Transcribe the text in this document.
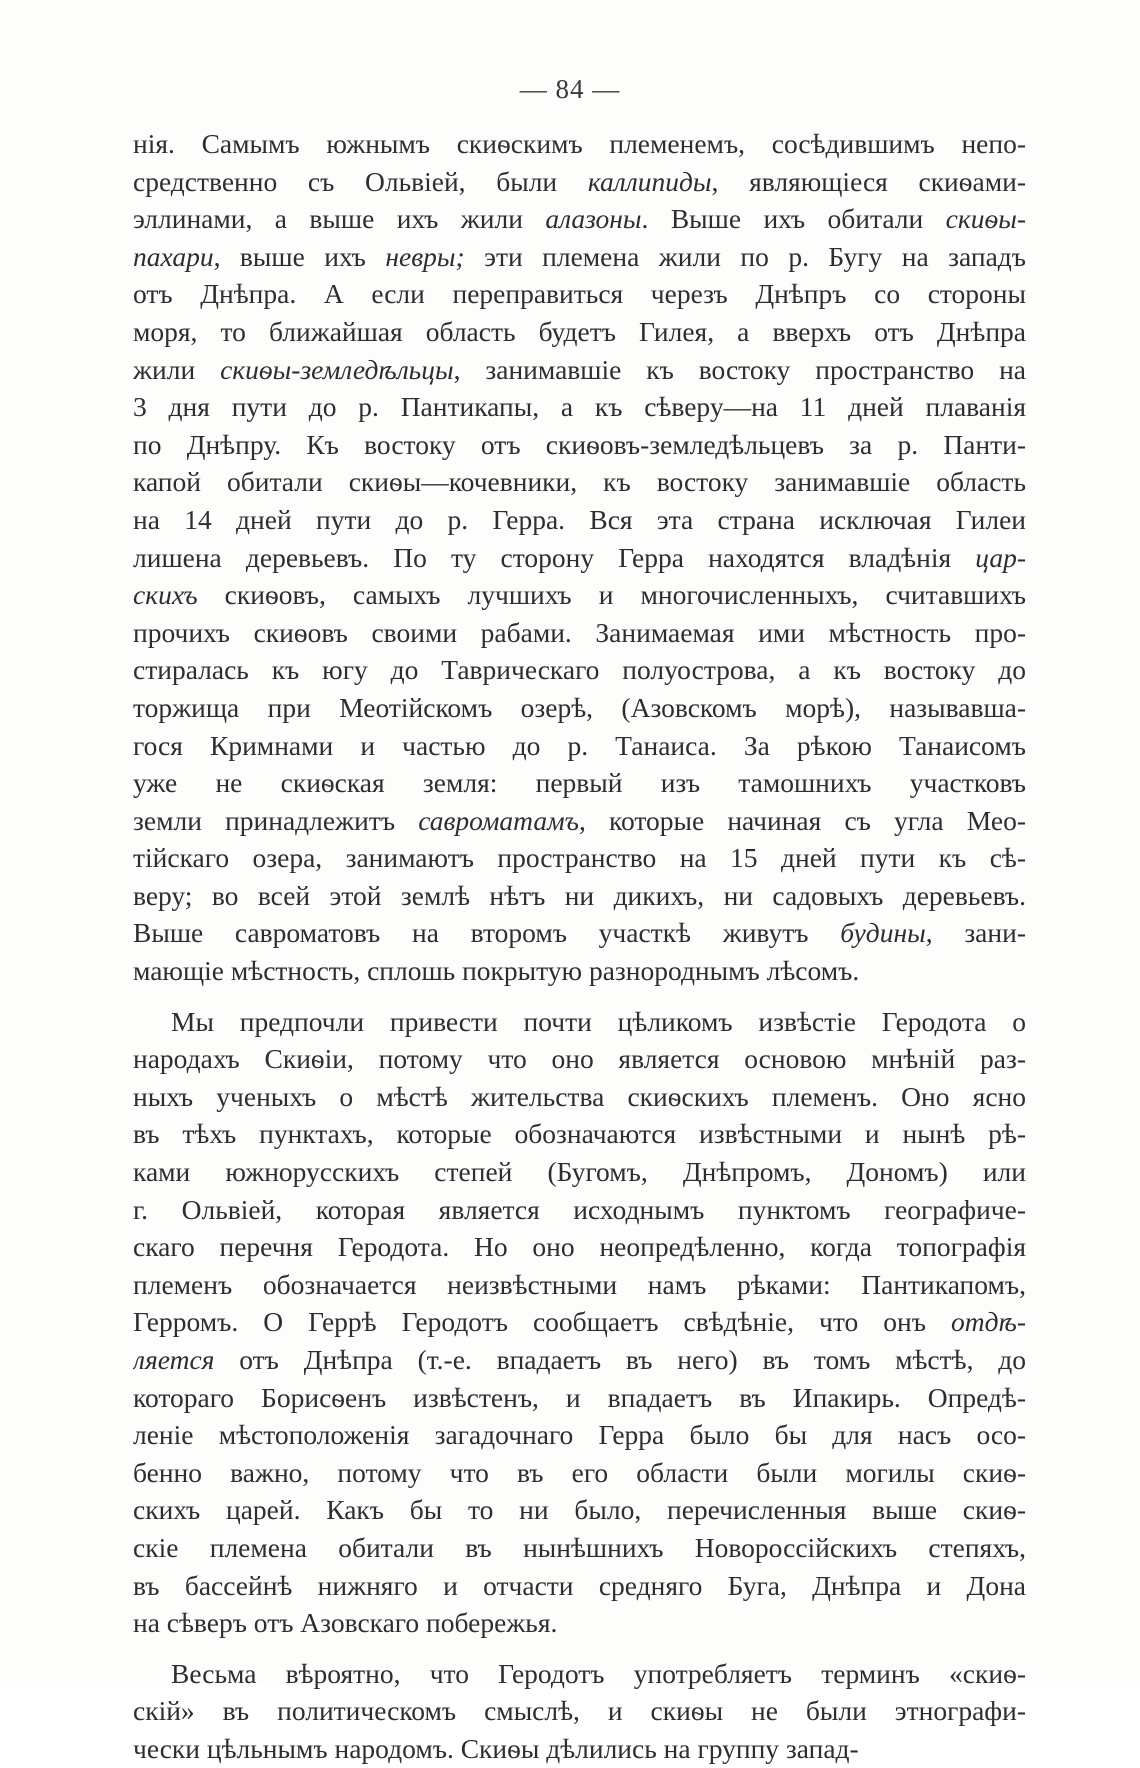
— 84 —
нія. Самымъ южнымъ скиѳскимъ племенемъ, сосѣдившимъ непо-
средственно съ Ольвіей, были каллипиды, являющіеся скиѳами-
эллинами, а выше ихъ жили алазоны. Выше ихъ обитали скиѳы-
пахари, выше ихъ невры; эти племена жили по р. Бугу на западъ
отъ Днѣпра. А если переправиться черезъ Днѣпръ со стороны
моря, то ближайшая область будетъ Гилея, а вверхъ отъ Днѣпра
жили скиѳы-земледѣльцы, занимавшіе къ востоку пространство на
3 дня пути до р. Пантикапы, а къ сѣверу—на 11 дней плаванія
по Днѣпру. Къ востоку отъ скиѳовъ-земледѣльцевъ за р. Панти-
капой обитали скиѳы—кочевники, къ востоку занимавшіе область
на 14 дней пути до р. Герра. Вся эта страна исключая Гилеи
лишена деревьевъ. По ту сторону Герра находятся владѣнія цар-
скихъ скиѳовъ, самыхъ лучшихъ и многочисленныхъ, считавшихъ
прочихъ скиѳовъ своими рабами. Занимаемая ими мѣстность про-
стиралась къ югу до Таврическаго полуострова, а къ востоку до
торжища при Меотійскомъ озерѣ, (Азовскомъ морѣ), называвша-
гося Кримнами и частью до р. Танаиса. За рѣкою Танаисомъ
уже не скиѳская земля: первый изъ тамошнихъ участковъ
земли принадлежитъ савроматамъ, которые начиная съ угла Мео-
тійскаго озера, занимаютъ пространство на 15 дней пути къ сѣ-
веру; во всей этой землѣ нѣтъ ни дикихъ, ни садовыхъ деревьевъ.
Выше савроматовъ на второмъ участкѣ живутъ будины, зани-
мающіе мѣстность, сплошь покрытую разнороднымъ лѣсомъ.
Мы предпочли привести почти цѣликомъ извѣстіе Геродота о
народахъ Скиѳіи, потому что оно является основою мнѣній раз-
ныхъ ученыхъ о мѣстѣ жительства скиѳскихъ племенъ. Оно ясно
въ тѣхъ пунктахъ, которые обозначаются извѣстными и нынѣ рѣ-
ками южнорусскихъ степей (Бугомъ, Днѣпромъ, Дономъ) или
г. Ольвіей, которая является исходнымъ пунктомъ географиче-
скаго перечня Геродота. Но оно неопредѣленно, когда топографія
племенъ обозначается неизвѣстными намъ рѣками: Пантикапомъ,
Герромъ. О Геррѣ Геродотъ сообщаетъ свѣдѣніе, что онъ отдѣ-
ляется отъ Днѣпра (т.-е. впадаетъ въ него) въ томъ мѣстѣ, до
котораго Борисѳенъ извѣстенъ, и впадаетъ въ Ипакирь. Опредѣ-
леніе мѣстоположенія загадочнаго Герра было бы для насъ осо-
бенно важно, потому что въ его области были могилы скиѳ-
скихъ царей. Какъ бы то ни было, перечисленныя выше скиѳ-
скіе племена обитали въ нынѣшнихъ Новороссійскихъ степяхъ,
въ бассейнѣ нижняго и отчасти средняго Буга, Днѣпра и Дона
на сѣверъ отъ Азовскаго побережья.
Весьма вѣроятно, что Геродотъ употребляетъ терминъ «скиѳ-
скій» въ политическомъ смыслѣ, и скиѳы не были этнографи-
чески цѣльнымъ народомъ. Скиѳы дѣлились на группу запад-
